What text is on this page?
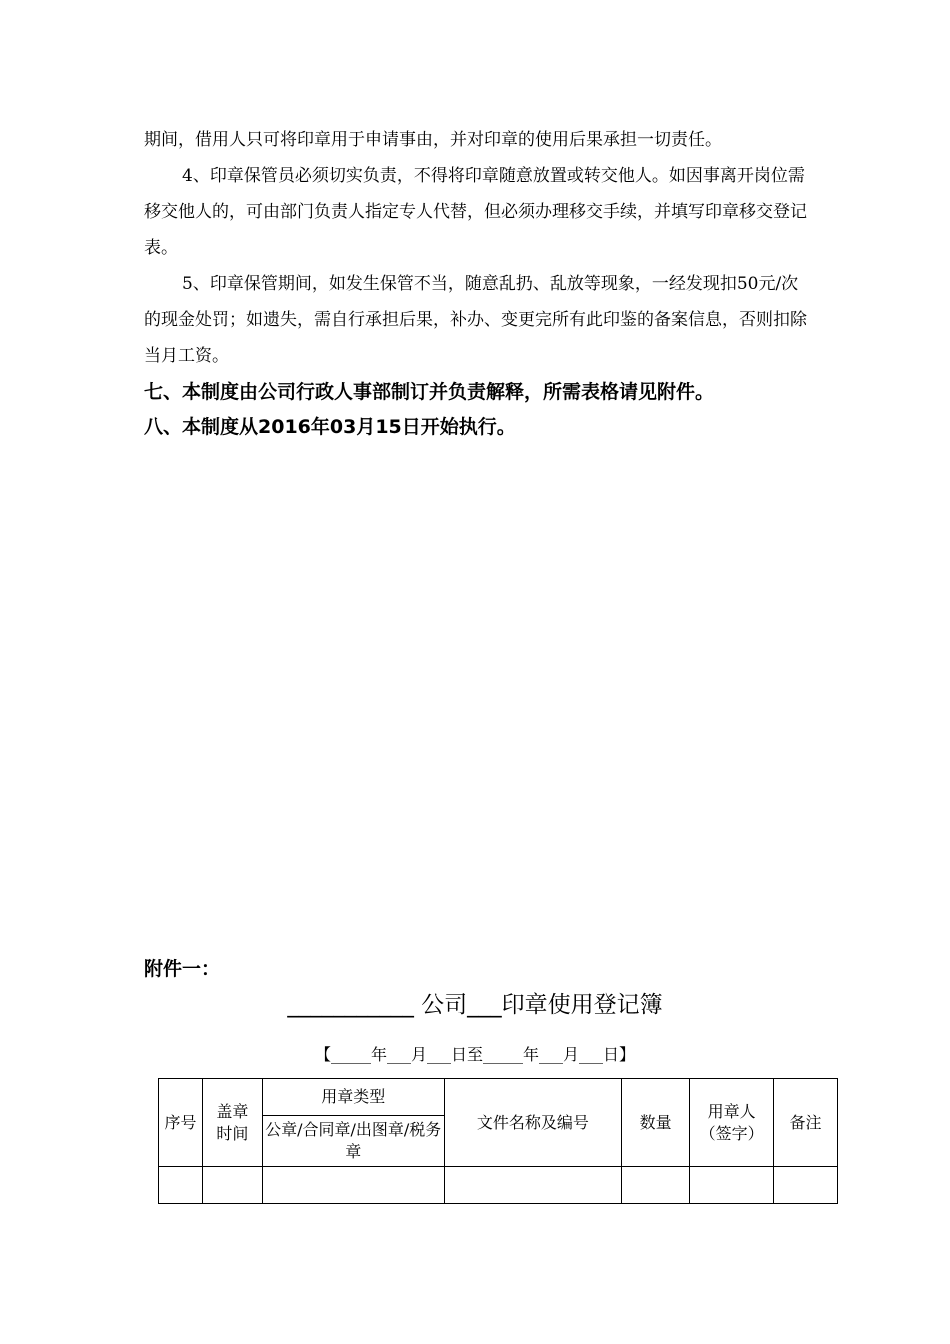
期间，借用人只可将印章用于申请事由，并对印章的使用后果承担一切责任。

4、印章保管员必须切实负责，不得将印章随意放置或转交他人。如因事离开岗位需移交他人的，可由部门负责人指定专人代替，但必须办理移交手续，并填写印章移交登记表。

5、印章保管期间，如发生保管不当，随意乱扔、乱放等现象，一经发现扣50元/次的现金处罚；如遗失，需自行承担后果，补办、变更完所有此印鉴的备案信息，否则扣除当月工资。

七、本制度由公司行政人事部制订并负责解释，所需表格请见附件。

八、本制度从2016年03月15日开始执行。

附件一：

___________ 公司___印章使用登记簿

【_____年___月___日至_____年___月___日】

序号	盖章时间	用章类型	文件名称及编号	数量	用章人（签字）	备注
		公章/合同章/出图章/税务章				
